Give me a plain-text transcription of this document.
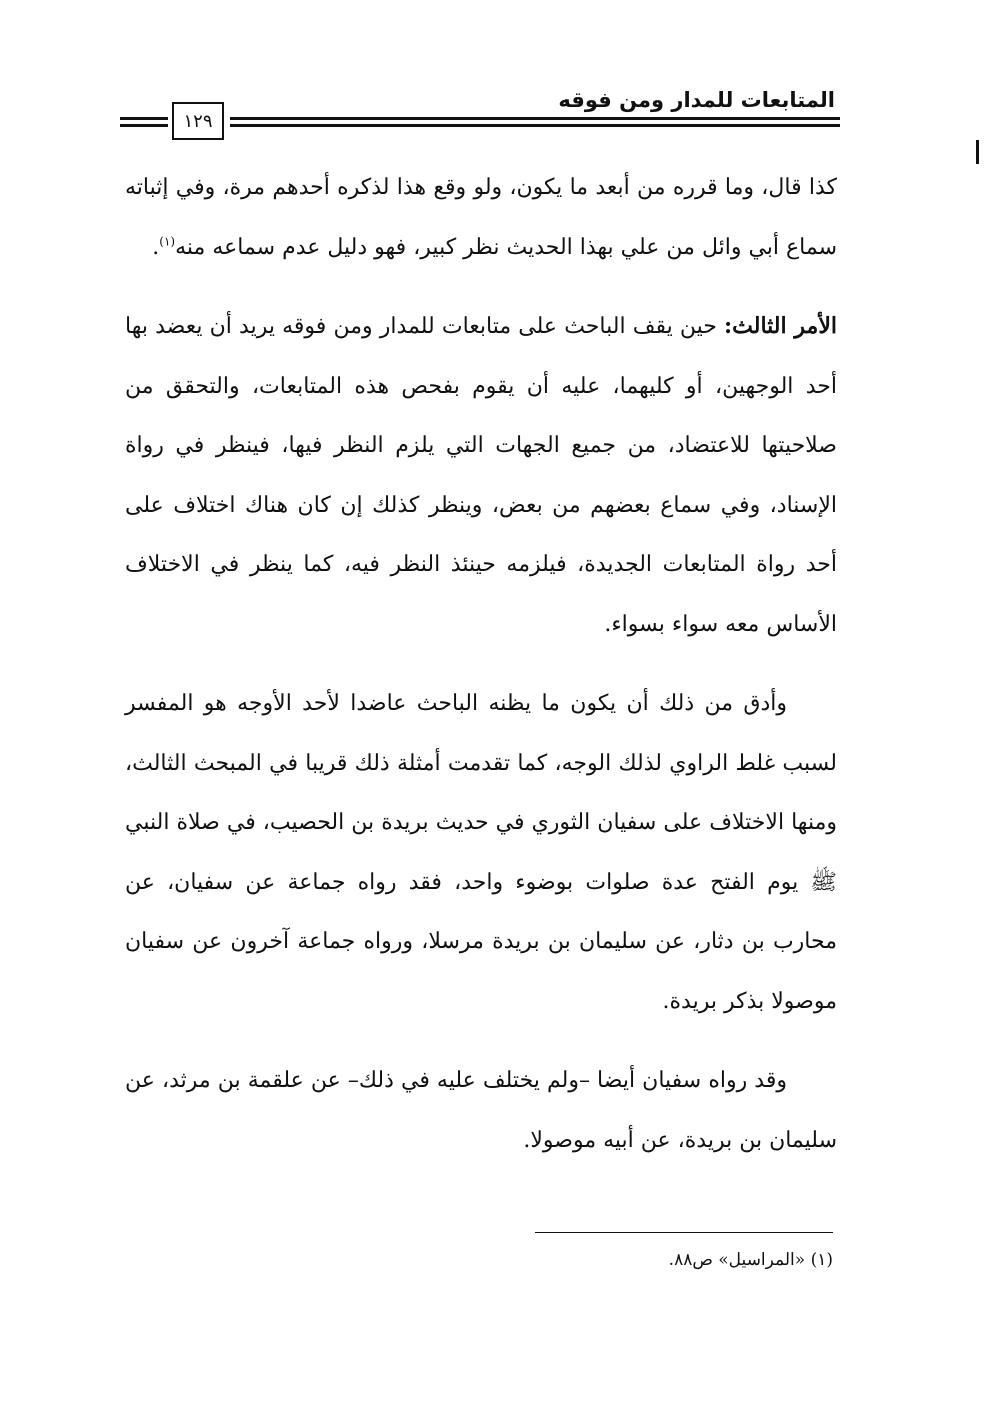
المتابعات للمدار ومن فوقه
١٢٩

كذا قال، وما قرره من أبعد ما يكون، ولو وقع هذا لذكره أحدهم مرة، وفي إثباته سماع أبي وائل من علي بهذا الحديث نظر كبير، فهو دليل عدم سماعه منه$^{(١)}$.

الأمر الثالث: حين يقف الباحث على متابعات للمدار ومن فوقه يريد أن يعضد بها أحد الوجهين، أو كليهما، عليه أن يقوم بفحص هذه المتابعات، والتحقق من صلاحيتها للاعتضاد، من جميع الجهات التي يلزم النظر فيها، فينظر في رواة الإسناد، وفي سماع بعضهم من بعض، وينظر كذلك إن كان هناك اختلاف على أحد رواة المتابعات الجديدة، فيلزمه حينئذ النظر فيه، كما ينظر في الاختلاف الأساس معه سواء بسواء.

وأدق من ذلك أن يكون ما يظنه الباحث عاضدا لأحد الأوجه هو المفسر لسبب غلط الراوي لذلك الوجه، كما تقدمت أمثلة ذلك قريبا في المبحث الثالث، ومنها الاختلاف على سفيان الثوري في حديث بريدة بن الحصيب، في صلاة النبي ﷺ يوم الفتح عدة صلوات بوضوء واحد، فقد رواه جماعة عن سفيان، عن محارب بن دثار، عن سليمان بن بريدة مرسلا، ورواه جماعة آخرون عن سفيان موصولا بذكر بريدة.

وقد رواه سفيان أيضا –ولم يختلف عليه في ذلك– عن علقمة بن مرثد، عن سليمان بن بريدة، عن أبيه موصولا.

(١) «المراسيل» ص٨٨.
